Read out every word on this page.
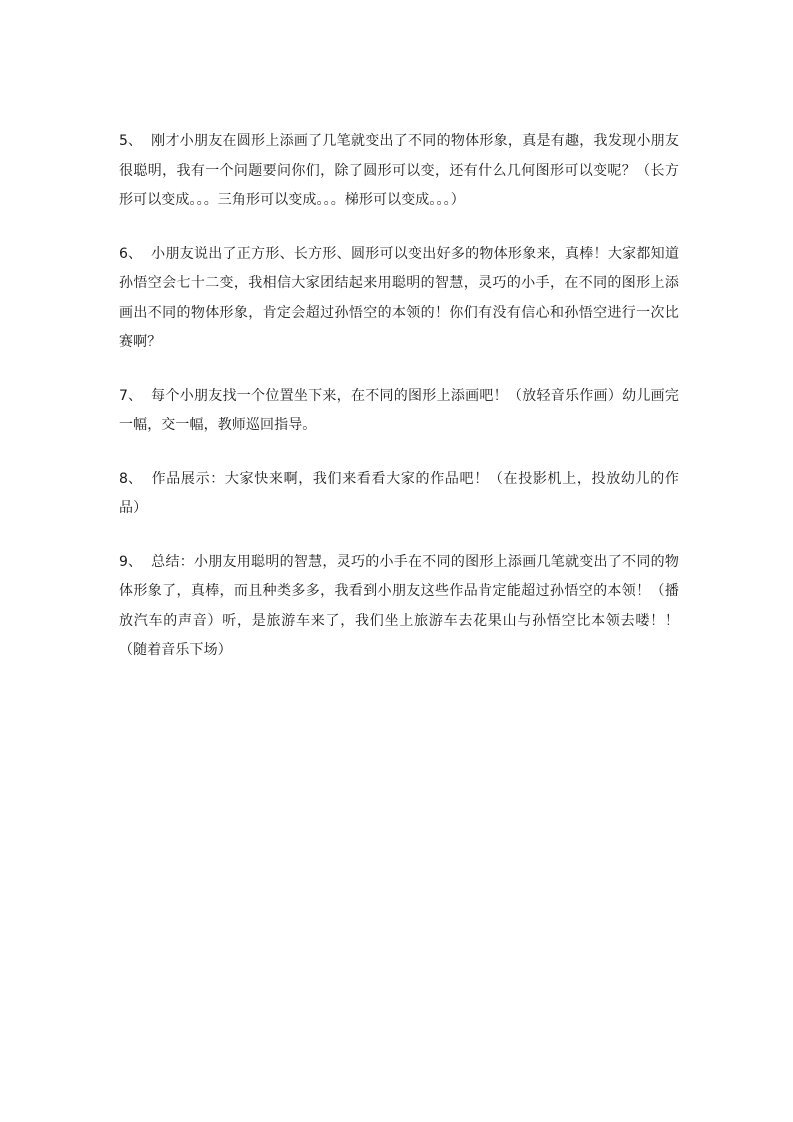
5、 刚才小朋友在圆形上添画了几笔就变出了不同的物体形象，真是有趣，我发现小朋友很聪明，我有一个问题要问你们，除了圆形可以变，还有什么几何图形可以变呢？（长方形可以变成。。。三角形可以变成。。。梯形可以变成。。。）

6、 小朋友说出了正方形、长方形、圆形可以变出好多的物体形象来，真棒！大家都知道孙悟空会七十二变，我相信大家团结起来用聪明的智慧，灵巧的小手，在不同的图形上添画出不同的物体形象，肯定会超过孙悟空的本领的！你们有没有信心和孙悟空进行一次比赛啊？

7、 每个小朋友找一个位置坐下来，在不同的图形上添画吧！（放轻音乐作画）幼儿画完一幅，交一幅，教师巡回指导。

8、 作品展示：大家快来啊，我们来看看大家的作品吧！（在投影机上，投放幼儿的作品）

9、 总结：小朋友用聪明的智慧，灵巧的小手在不同的图形上添画几笔就变出了不同的物体形象了，真棒，而且种类多多，我看到小朋友这些作品肯定能超过孙悟空的本领！（播放汽车的声音）听，是旅游车来了，我们坐上旅游车去花果山与孙悟空比本领去喽！！（随着音乐下场）
